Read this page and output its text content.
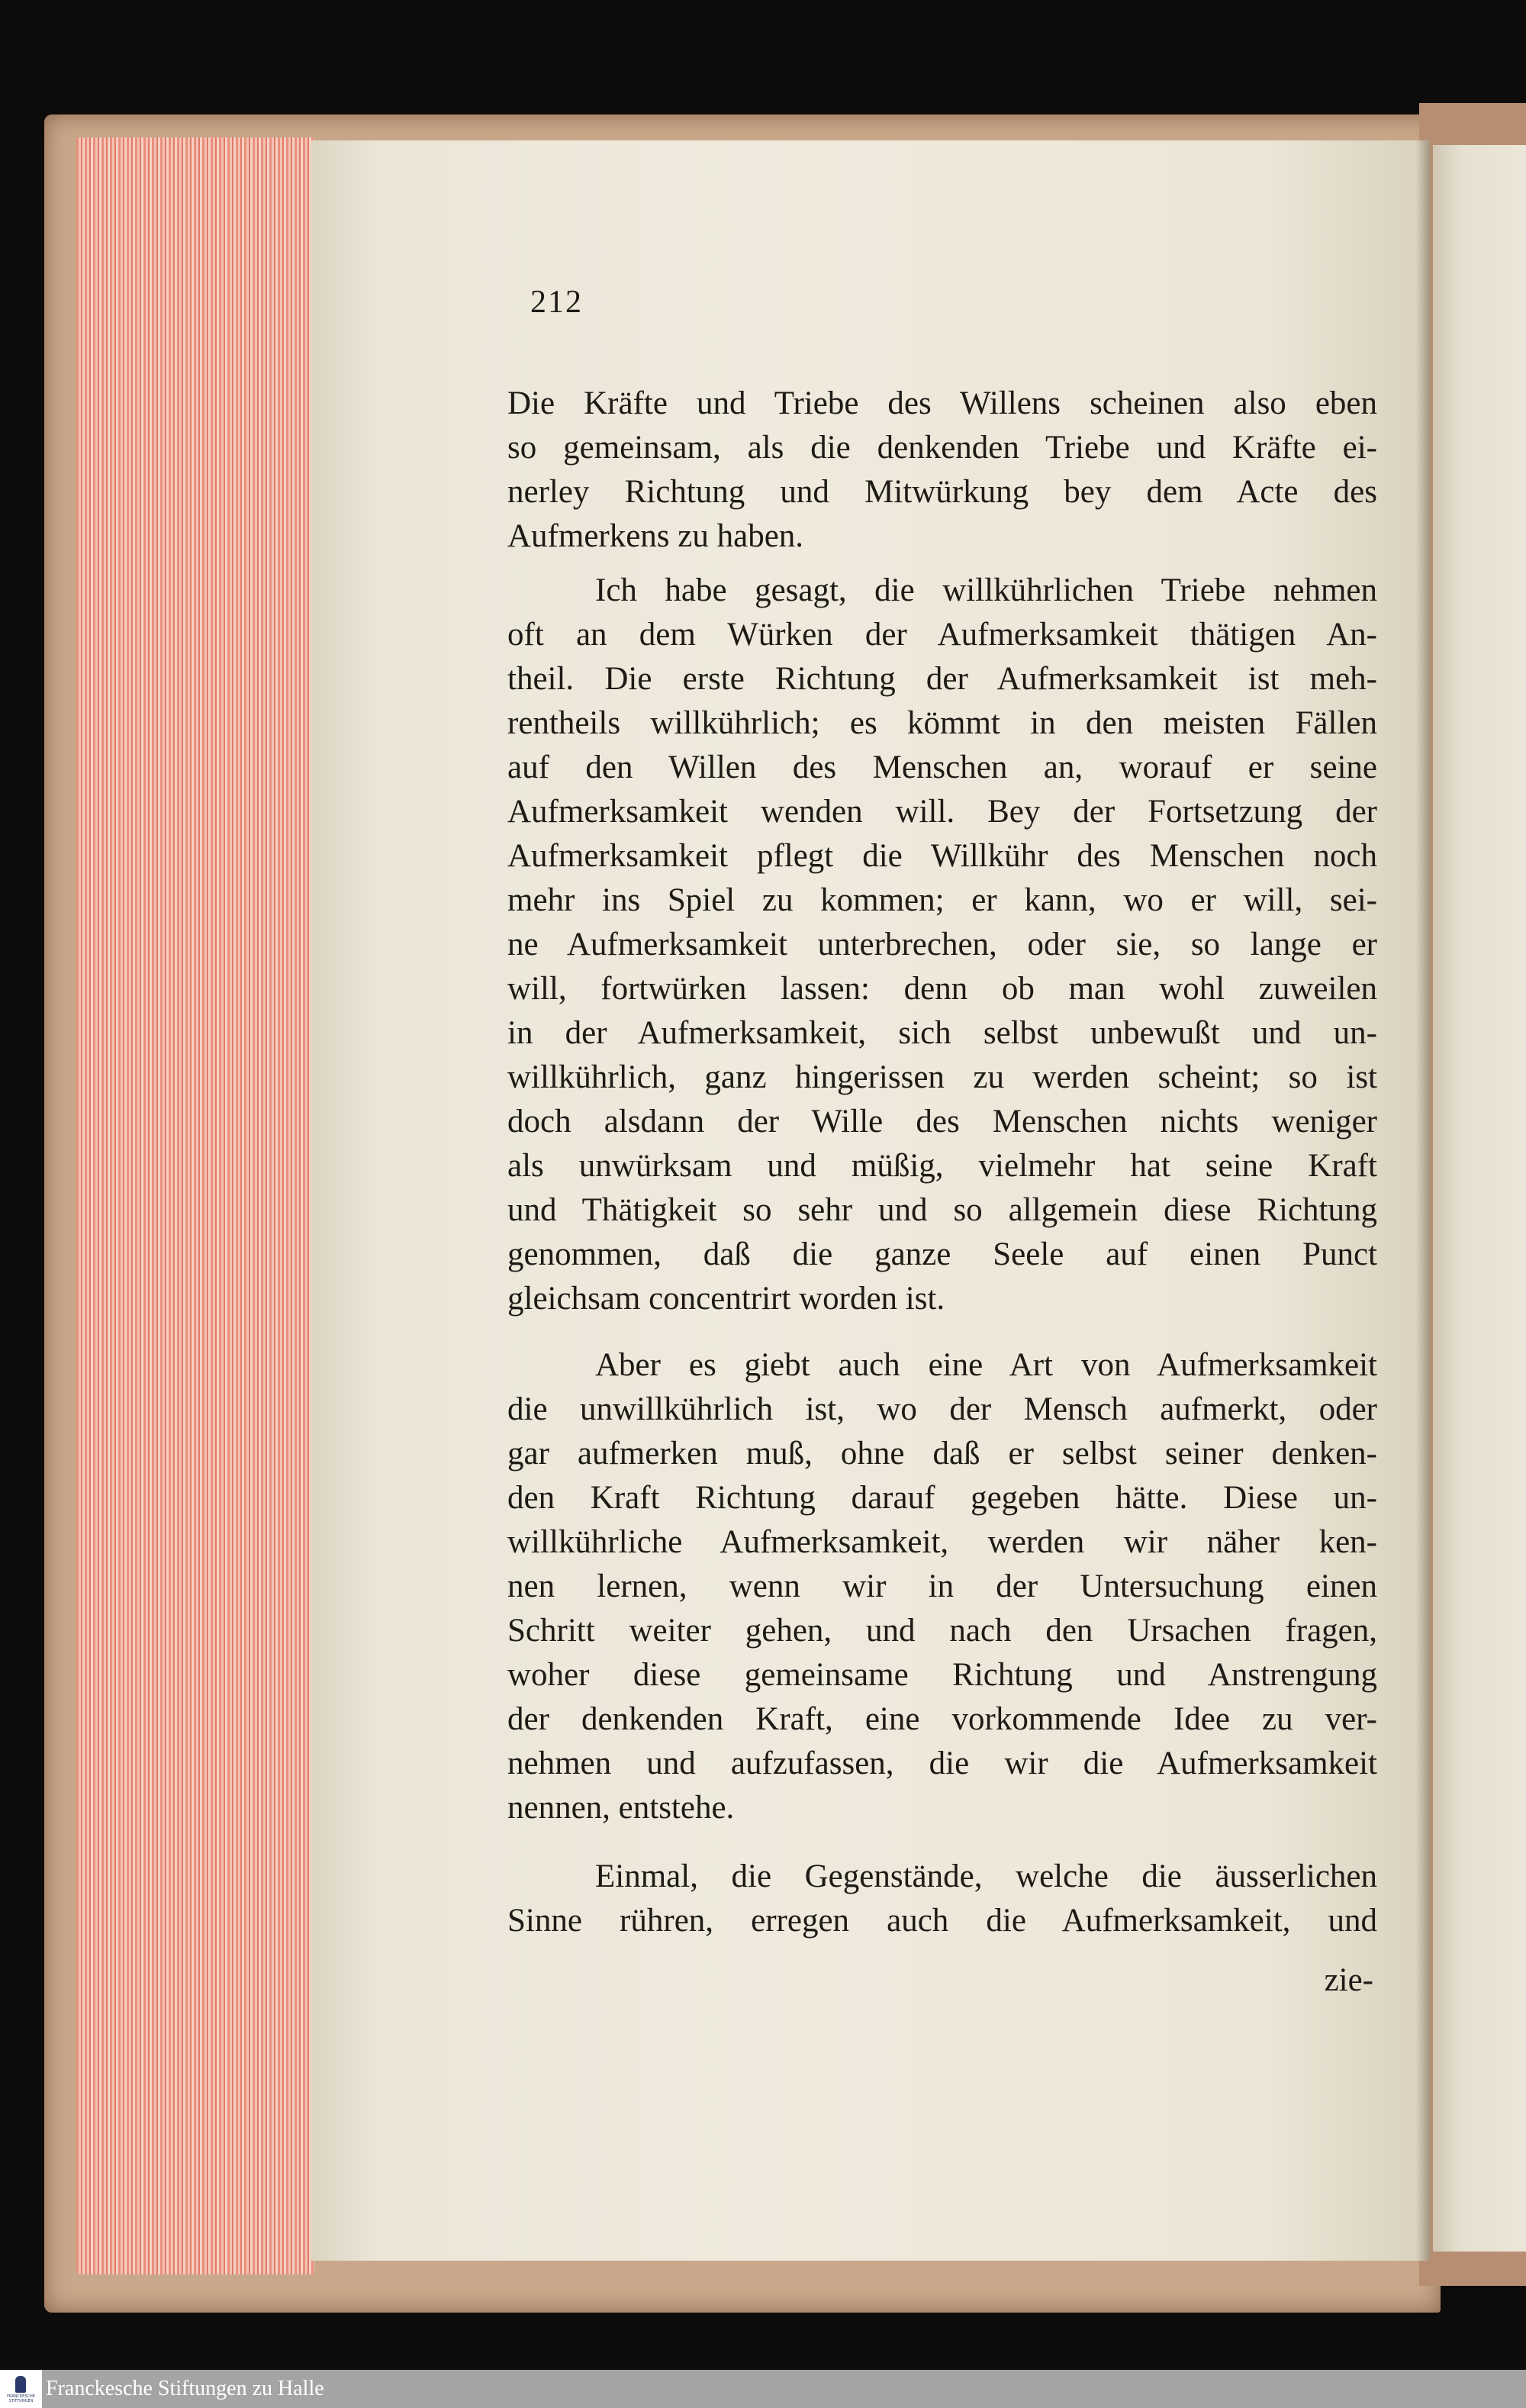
212
Die Kräfte und Triebe des Willens scheinen also eben
so gemeinsam, als die denkenden Triebe und Kräfte ei-
nerley Richtung und Mitwürkung bey dem Acte des
Aufmerkens zu haben.
Ich habe gesagt, die willkührlichen Triebe nehmen
oft an dem Würken der Aufmerksamkeit thätigen An-
theil. Die erste Richtung der Aufmerksamkeit ist meh-
rentheils willkührlich; es kömmt in den meisten Fällen
auf den Willen des Menschen an, worauf er seine
Aufmerksamkeit wenden will. Bey der Fortsetzung der
Aufmerksamkeit pflegt die Willkühr des Menschen noch
mehr ins Spiel zu kommen; er kann, wo er will, sei-
ne Aufmerksamkeit unterbrechen, oder sie, so lange er
will, fortwürken lassen: denn ob man wohl zuweilen
in der Aufmerksamkeit, sich selbst unbewußt und un-
willkührlich, ganz hingerissen zu werden scheint; so ist
doch alsdann der Wille des Menschen nichts weniger
als unwürksam und müßig, vielmehr hat seine Kraft
und Thätigkeit so sehr und so allgemein diese Richtung
genommen, daß die ganze Seele auf einen Punct
gleichsam concentrirt worden ist.
Aber es giebt auch eine Art von Aufmerksamkeit
die unwillkührlich ist, wo der Mensch aufmerkt, oder
gar aufmerken muß, ohne daß er selbst seiner denken-
den Kraft Richtung darauf gegeben hätte. Diese un-
willkührliche Aufmerksamkeit, werden wir näher ken-
nen lernen, wenn wir in der Untersuchung einen
Schritt weiter gehen, und nach den Ursachen fragen,
woher diese gemeinsame Richtung und Anstrengung
der denkenden Kraft, eine vorkommende Idee zu ver-
nehmen und aufzufassen, die wir die Aufmerksamkeit
nennen, entstehe.
Einmal, die Gegenstände, welche die äusserlichen
Sinne rühren, erregen auch die Aufmerksamkeit, und
zie-
FRANCKESCHE STIFTUNGEN
Franckesche Stiftungen zu Halle
